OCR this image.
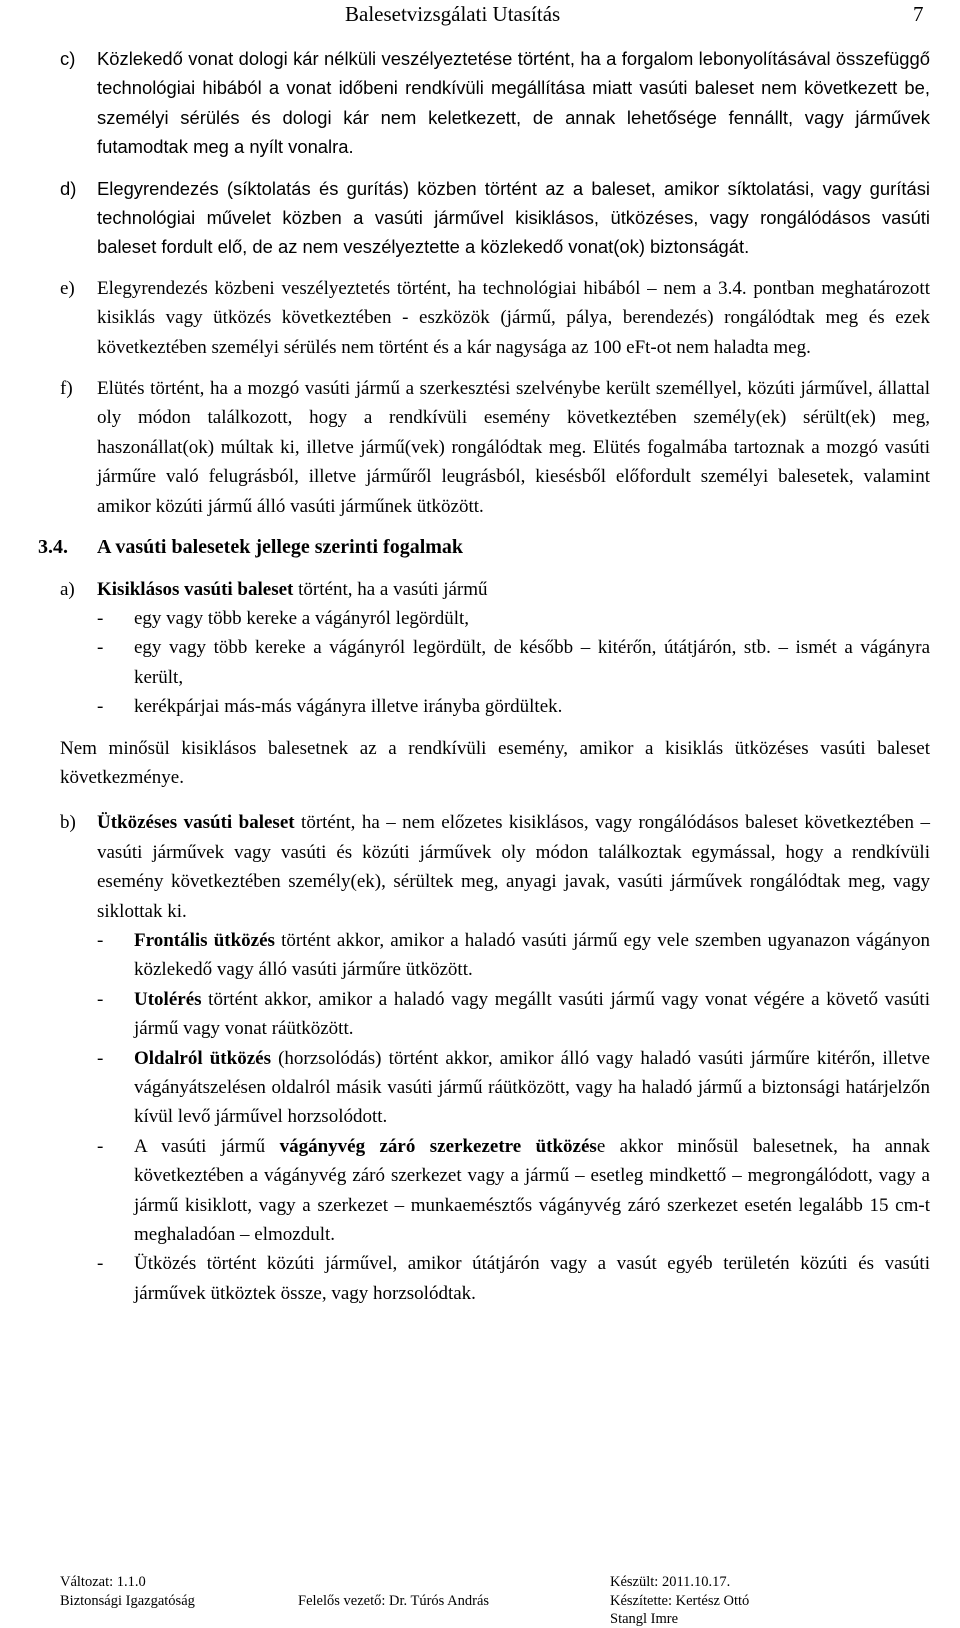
Balesetvizsgálati Utasítás	7
c) Közlekedő vonat dologi kár nélküli veszélyeztetése történt, ha a forgalom lebonyolításával összefüggő technológiai hibából a vonat időbeni rendkívüli megállítása miatt vasúti baleset nem következett be, személyi sérülés és dologi kár nem keletkezett, de annak lehetősége fennállt, vagy járművek futamodtak meg a nyílt vonalra.
d) Elegyrendezés (síktolatás és gurítás) közben történt az a baleset, amikor síktolatási, vagy gurítási technológiai művelet közben a vasúti járművel kisiklásos, ütközéses, vagy rongálódásos vasúti baleset fordult elő, de az nem veszélyeztette a közlekedő vonat(ok) biztonságát.
e) Elegyrendezés közbeni veszélyeztetés történt, ha technológiai hibából – nem a 3.4. pontban meghatározott kisiklás vagy ütközés következtében - eszközök (jármű, pálya, berendezés) rongálódtak meg és ezek következtében személyi sérülés nem történt és a kár nagysága az 100 eFt-ot nem haladta meg.
f) Elütés történt, ha a mozgó vasúti jármű a szerkesztési szelvénybe került személlyel, közúti járművel, állattal oly módon találkozott, hogy a rendkívüli esemény következtében személy(ek) sérült(ek) meg, haszonállat(ok) múltak ki, illetve jármű(vek) rongálódtak meg. Elütés fogalmába tartoznak a mozgó vasúti járműre való felugrásból, illetve járműről leugrásból, kiesésből előfordult személyi balesetek, valamint amikor közúti jármű álló vasúti járműnek ütközött.
3.4. A vasúti balesetek jellege szerinti fogalmak
a) Kisiklásos vasúti baleset történt, ha a vasúti jármű
- egy vagy több kereke a vágányról legördült,
- egy vagy több kereke a vágányról legördült, de később – kitérőn, útátjárón, stb. – ismét a vágányra került,
- kerékpárjai más-más vágányra illetve irányba gördültek.
Nem minősül kisiklásos balesetnek az a rendkívüli esemény, amikor a kisiklás ütközéses vasúti baleset következménye.
b) Ütközéses vasúti baleset történt, ha – nem előzetes kisiklásos, vagy rongálódásos baleset következtében – vasúti járművek vagy vasúti és közúti járművek oly módon találkoztak egymással, hogy a rendkívüli esemény következtében személy(ek), sérültek meg, anyagi javak, vasúti járművek rongálódtak meg, vagy siklottak ki.
- Frontális ütközés történt akkor, amikor a haladó vasúti jármű egy vele szemben ugyanazon vágányon közlekedő vagy álló vasúti járműre ütközött.
- Utolérés történt akkor, amikor a haladó vagy megállt vasúti jármű vagy vonat végére a követő vasúti jármű vagy vonat ráütközött.
- Oldalról ütközés (horzsolódás) történt akkor, amikor álló vagy haladó vasúti járműre kitérőn, illetve vágányátszelésen oldalról másik vasúti jármű ráütközött, vagy ha haladó jármű a biztonsági határjelzőn kívül levő járművel horzsolódott.
- A vasúti jármű vágányvég záró szerkezetre ütközése akkor minősül balesetnek, ha annak következtében a vágányvég záró szerkezet vagy a jármű – esetleg mindkettő – megrongálódott, vagy a jármű kisiklott, vagy a szerkezet – munkaemésztős vágányvég záró szerkezet esetén legalább 15 cm-t meghaladóan – elmozdult.
- Ütközés történt közúti járművel, amikor útátjárón vagy a vasút egyéb területén közúti és vasúti járművek ütköztek össze, vagy horzsolódtak.
Változat: 1.1.0	Készült: 2011.10.17.
Biztonsági Igazgatóság	Felelős vezető: Dr. Túrós András	Készítette: Kertész Ottó
Stangl Imre
